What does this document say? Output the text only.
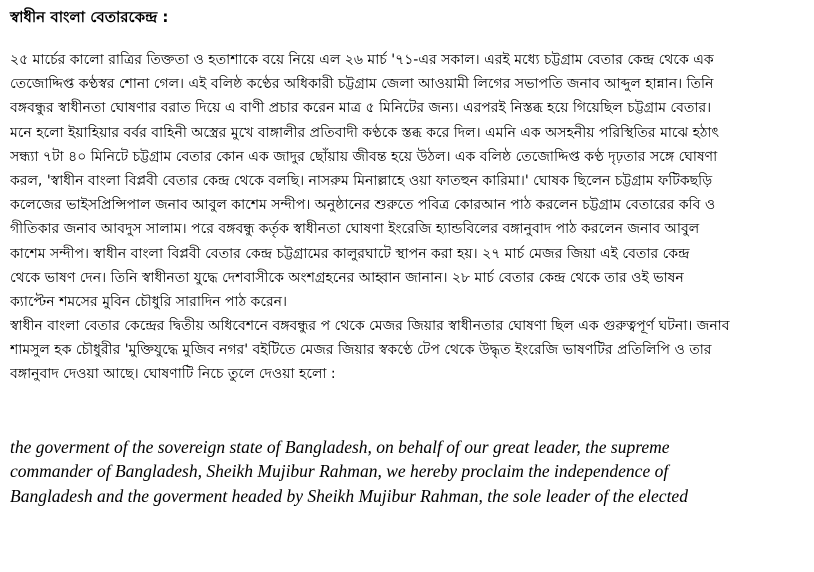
স্বাধীন বাংলা বেতারকেন্দ্র :
২৫ মার্চের কালো রাত্রির তিক্ততা ও হতাশাকে বয়ে নিয়ে এল ২৬ মার্চ '৭১-এর সকাল। এরই মধ্যে চট্টগ্রাম বেতার কেন্দ্র থেকে এক
তেজোদ্দিপ্ত কণ্ঠস্বর শোনা গেল। এই বলিষ্ঠ কণ্ঠের অধিকারী চট্টগ্রাম জেলা আওয়ামী লিগের সভাপতি জনাব আব্দুল হান্নান। তিনি
বঙ্গবন্ধুর স্বাধীনতা ঘোষণার বরাত দিয়ে এ বাণী প্রচার করেন মাত্র ৫ মিনিটের জন্য। এরপরই নিস্তব্ধ হয়ে গিয়েছিল চট্টগ্রাম বেতার।
মনে হলো ইয়াহিয়ার বর্বর বাহিনী অস্ত্রের মুখে বাঙ্গালীর প্রতিবাদী কণ্ঠকে স্তব্ধ করে দিল। এমনি এক অসহনীয় পরিস্থিতির মাঝে হঠাৎ
সন্ধ্যা ৭টা ৪০ মিনিটে চট্টগ্রাম বেতার কোন এক জাদুর ছোঁয়ায় জীবন্ত হয়ে উঠল। এক বলিষ্ঠ তেজোদ্দিপ্ত কণ্ঠ দৃঢ়তার সঙ্গে ঘোষণা
করল, 'স্বাধীন বাংলা বিপ্লবী বেতার কেন্দ্র থেকে বলছি। নাসরুম মিনাল্লাহে ওয়া ফাতহুন কারিমা।' ঘোষক ছিলেন চট্টগ্রাম ফটিকছড়ি
কলেজের ভাইসপ্রিন্সিপাল জনাব আবুল কাশেম সন্দীপ। অনুষ্ঠানের শুরুতে পবিত্র কোরআন পাঠ করলেন চট্টগ্রাম বেতারের কবি ও
গীতিকার জনাব আবদুস সালাম। পরে বঙ্গবন্ধু কর্তৃক স্বাধীনতা ঘোষণা ইংরেজি হ্যান্ডবিলের বঙ্গানুবাদ পাঠ করলেন জনাব আবুল
কাশেম সন্দীপ। স্বাধীন বাংলা বিপ্লবী বেতার কেন্দ্র চট্টগ্রামের কালুরঘাটে স্থাপন করা হয়। ২৭ মার্চ মেজর জিয়া এই বেতার কেন্দ্র
থেকে ভাষণ দেন। তিনি স্বাধীনতা যুদ্ধে দেশবাসীকে অংশগ্রহনের আহ্বান জানান। ২৮ মার্চ বেতার কেন্দ্র থেকে তার ওই ভাষন
ক্যাপ্টেন শমসের মুবিন চৌধুরি সারাদিন পাঠ করেন।
স্বাধীন বাংলা বেতার কেন্দ্রের দ্বিতীয় অধিবেশনে বঙ্গবন্ধুর প থেকে মেজর জিয়ার স্বাধীনতার ঘোষণা ছিল এক গুরুত্বপূর্ণ ঘটনা। জনাব
শামসুল হক চৌধুরীর 'মুক্তিযুদ্ধে মুজিব নগর' বইটিতে মেজর জিয়ার স্বকণ্ঠে টেপ থেকে উদ্ধৃত ইংরেজি ভাষণটির প্রতিলিপি ও তার
বঙ্গানুবাদ দেওয়া আছে। ঘোষণাটি নিচে তুলে দেওয়া হলো :
the goverment of the sovereign state of Bangladesh, on behalf of our great leader, the supreme
commander of Bangladesh, Sheikh Mujibur Rahman, we hereby proclaim the independence of
Bangladesh and the goverment headed by Sheikh Mujibur Rahman, the sole leader of the elected
